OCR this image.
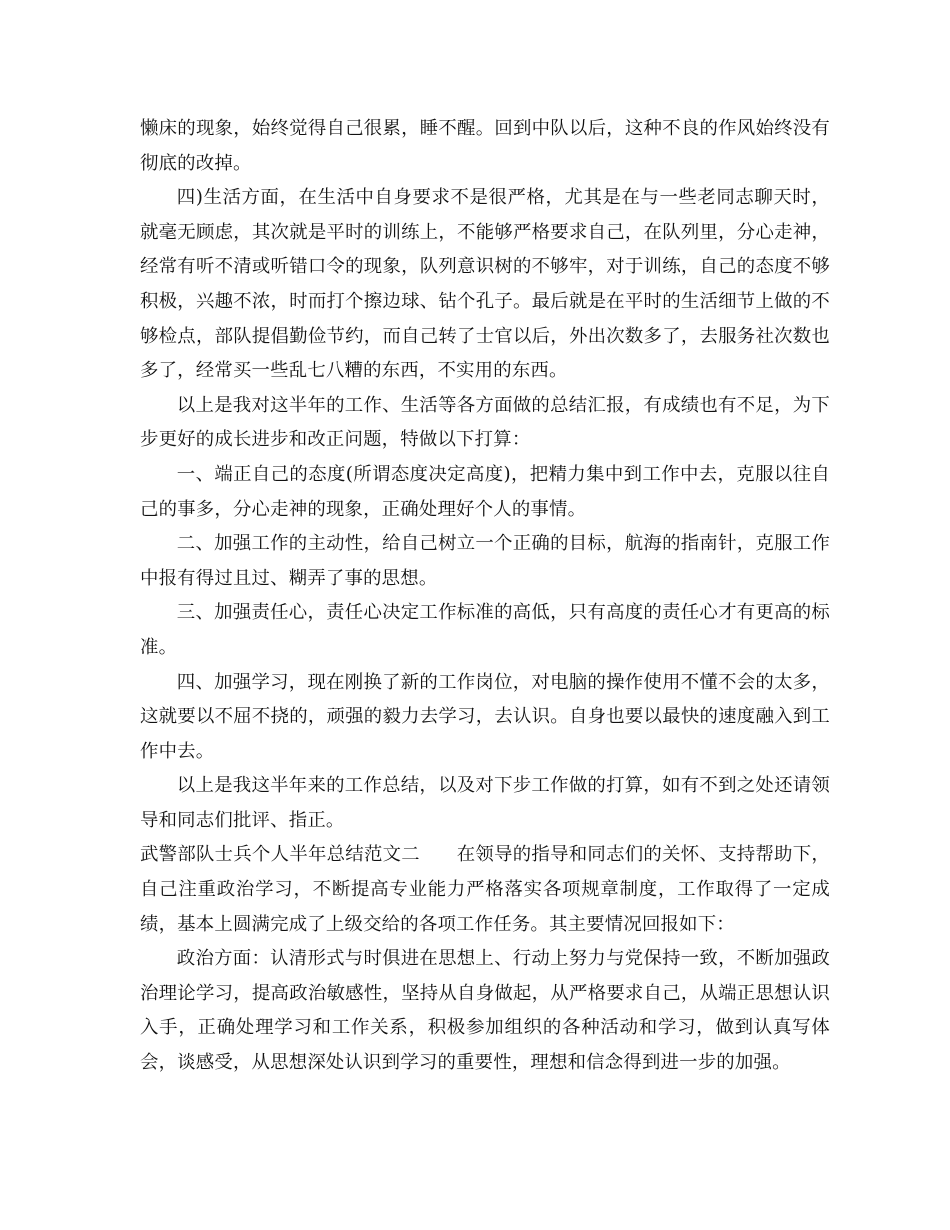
懒床的现象，始终觉得自己很累，睡不醒。回到中队以后，这种不良的作风始终没有彻底的改掉。

四)生活方面，在生活中自身要求不是很严格，尤其是在与一些老同志聊天时，就毫无顾虑，其次就是平时的训练上，不能够严格要求自己，在队列里，分心走神，经常有听不清或听错口令的现象，队列意识树的不够牢，对于训练，自己的态度不够积极，兴趣不浓，时而打个擦边球、钻个孔子。最后就是在平时的生活细节上做的不够检点，部队提倡勤俭节约，而自己转了士官以后，外出次数多了，去服务社次数也多了，经常买一些乱七八糟的东西，不实用的东西。

以上是我对这半年的工作、生活等各方面做的总结汇报，有成绩也有不足，为下步更好的成长进步和改正问题，特做以下打算：

一、端正自己的态度(所谓态度决定高度)，把精力集中到工作中去，克服以往自己的事多，分心走神的现象，正确处理好个人的事情。

二、加强工作的主动性，给自己树立一个正确的目标，航海的指南针，克服工作中报有得过且过、糊弄了事的思想。

三、加强责任心，责任心决定工作标准的高低，只有高度的责任心才有更高的标准。

四、加强学习，现在刚换了新的工作岗位，对电脑的操作使用不懂不会的太多，这就要以不屈不挠的，顽强的毅力去学习，去认识。自身也要以最快的速度融入到工作中去。

以上是我这半年来的工作总结，以及对下步工作做的打算，如有不到之处还请领导和同志们批评、指正。

武警部队士兵个人半年总结范文二 在领导的指导和同志们的关怀、支持帮助下，自己注重政治学习，不断提高专业能力严格落实各项规章制度，工作取得了一定成绩，基本上圆满完成了上级交给的各项工作任务。其主要情况回报如下：

政治方面：认清形式与时俱进在思想上、行动上努力与党保持一致，不断加强政治理论学习，提高政治敏感性，坚持从自身做起，从严格要求自己，从端正思想认识入手，正确处理学习和工作关系，积极参加组织的各种活动和学习，做到认真写体会，谈感受，从思想深处认识到学习的重要性，理想和信念得到进一步的加强。
